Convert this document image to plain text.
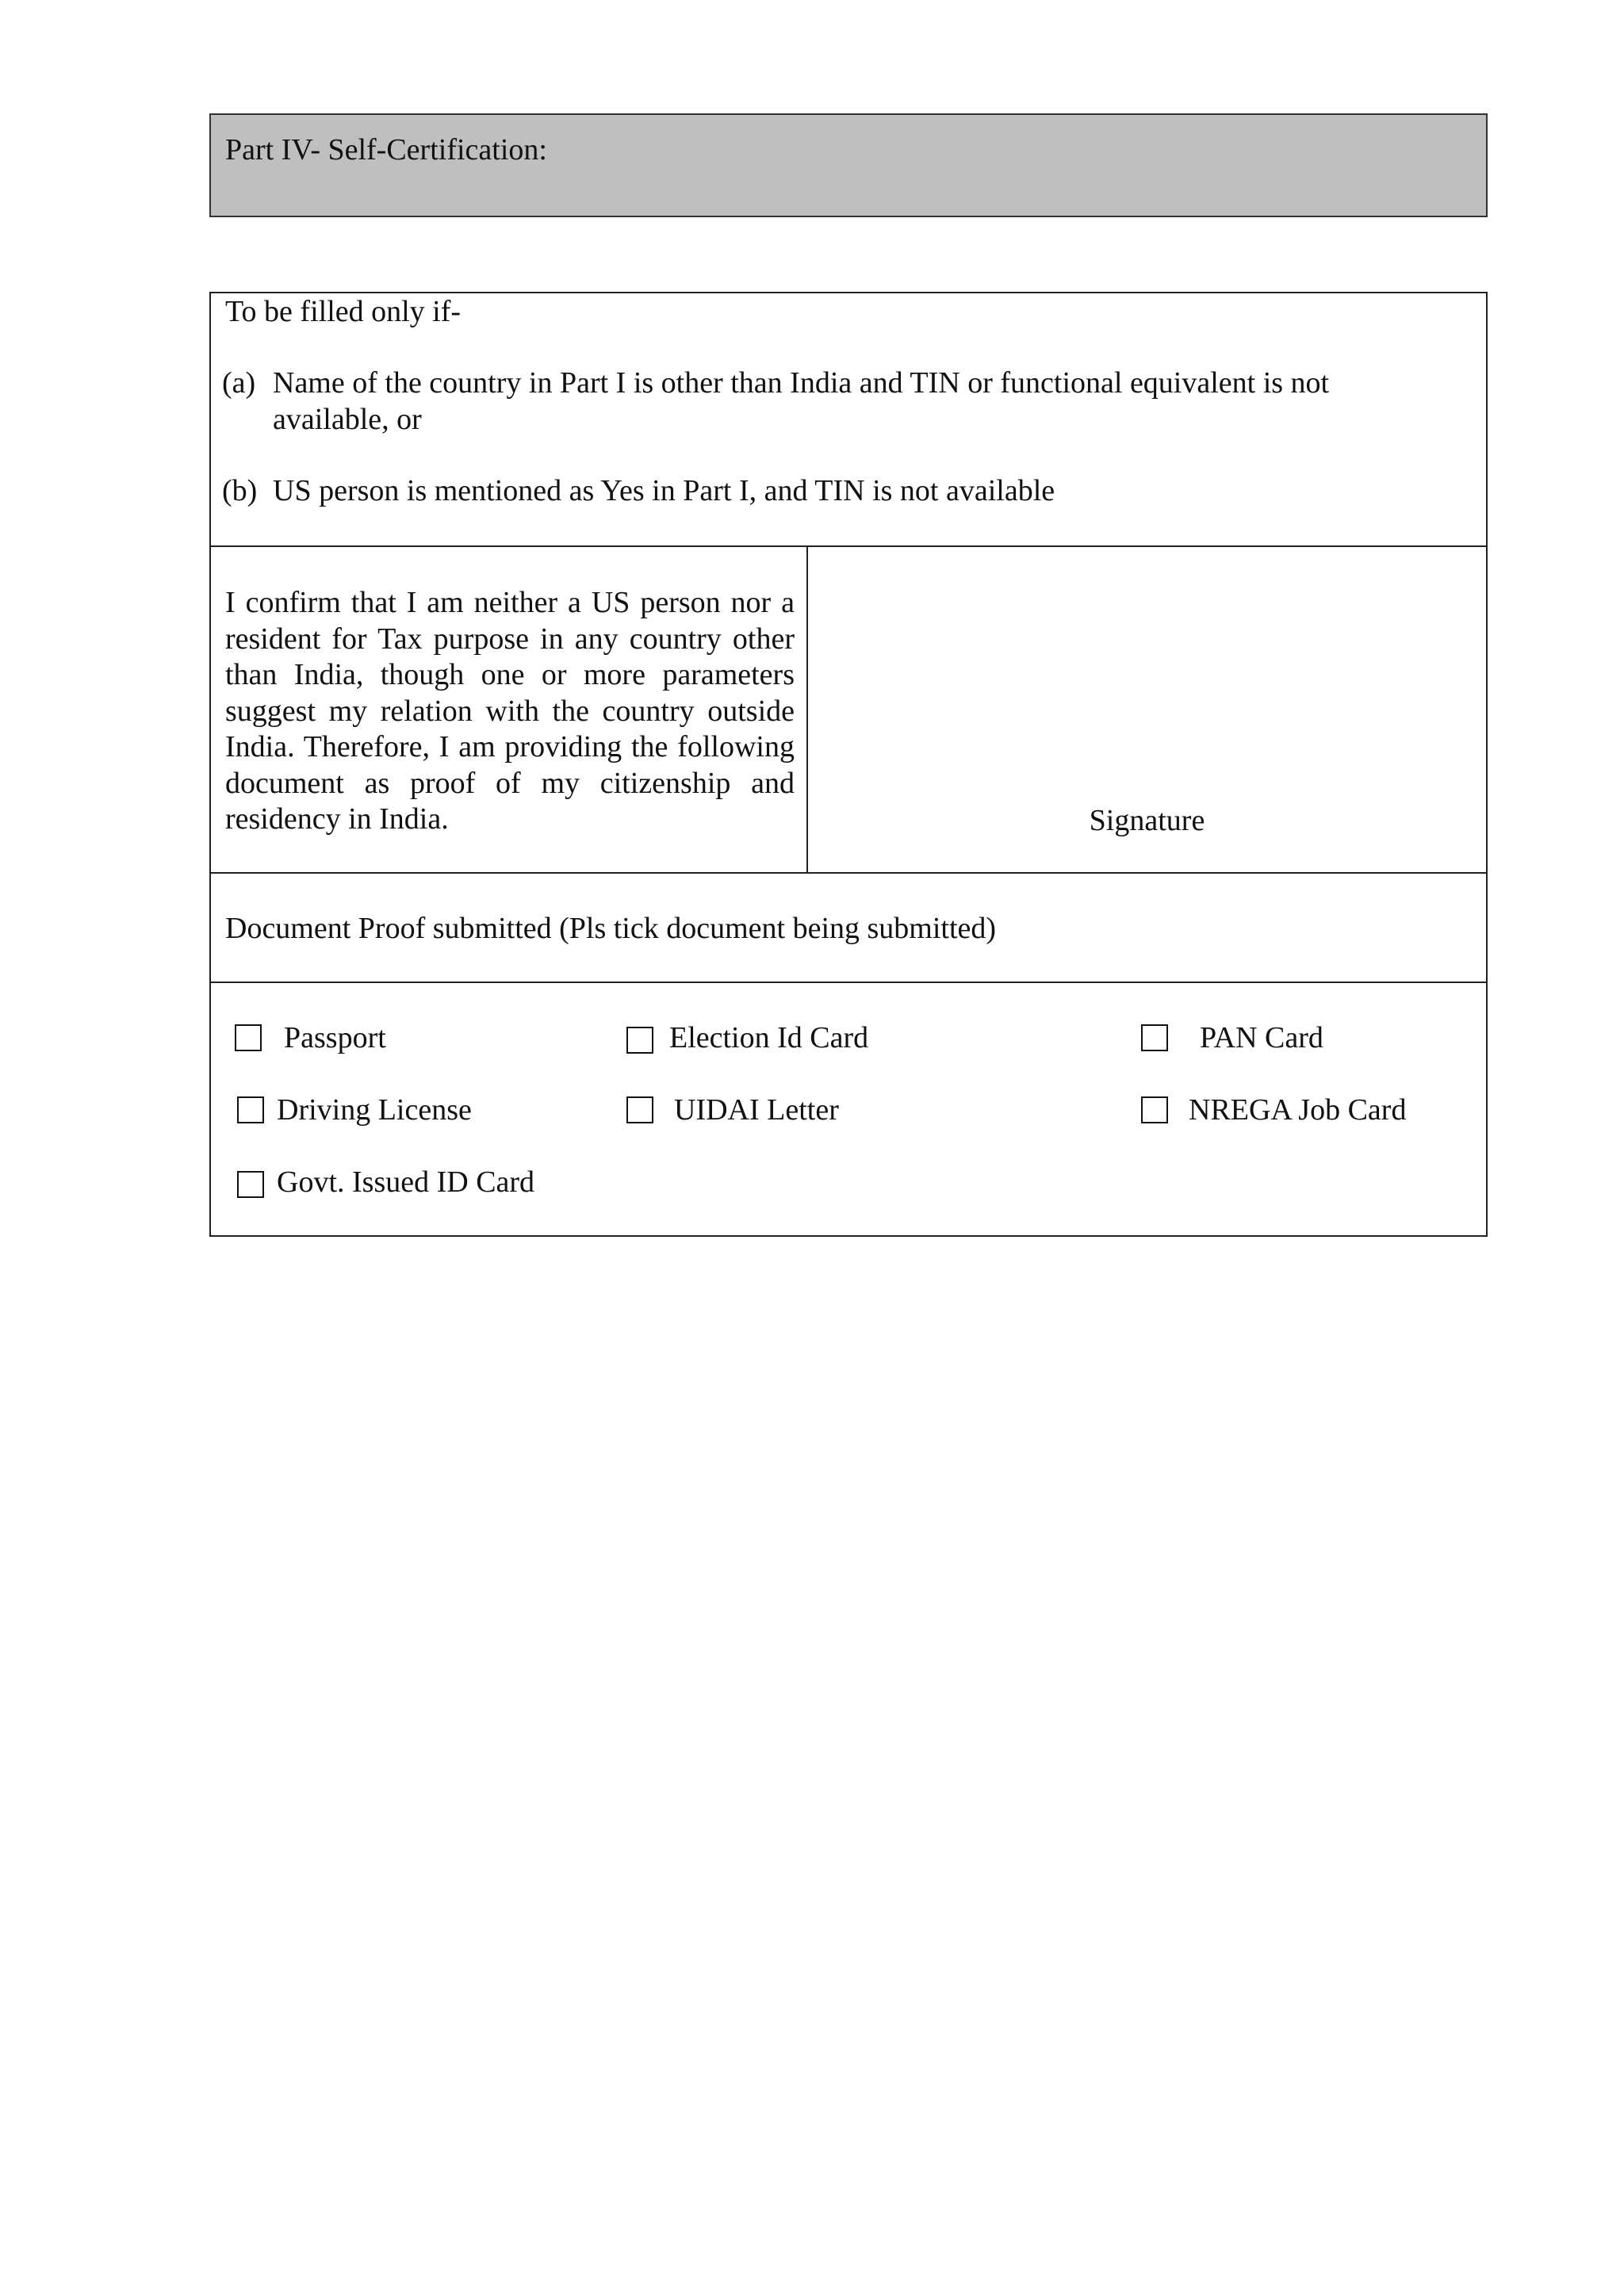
Part IV- Self-Certification:
To be filled only if-
(a) Name of the country in Part I is other than India and TIN or functional equivalent is not
available, or
(b) US person is mentioned as Yes in Part I, and TIN is not available

I confirm that I am neither a US person nor a resident for Tax purpose in any country other than India, though one or more parameters suggest my relation with the country outside India. Therefore, I am providing the following document as proof of my citizenship and residency in India.	Signature
Document Proof submitted (Pls tick document being submitted)
Passport	Election Id Card	PAN Card
Driving License	UIDAI Letter	NREGA Job Card
Govt. Issued ID Card
